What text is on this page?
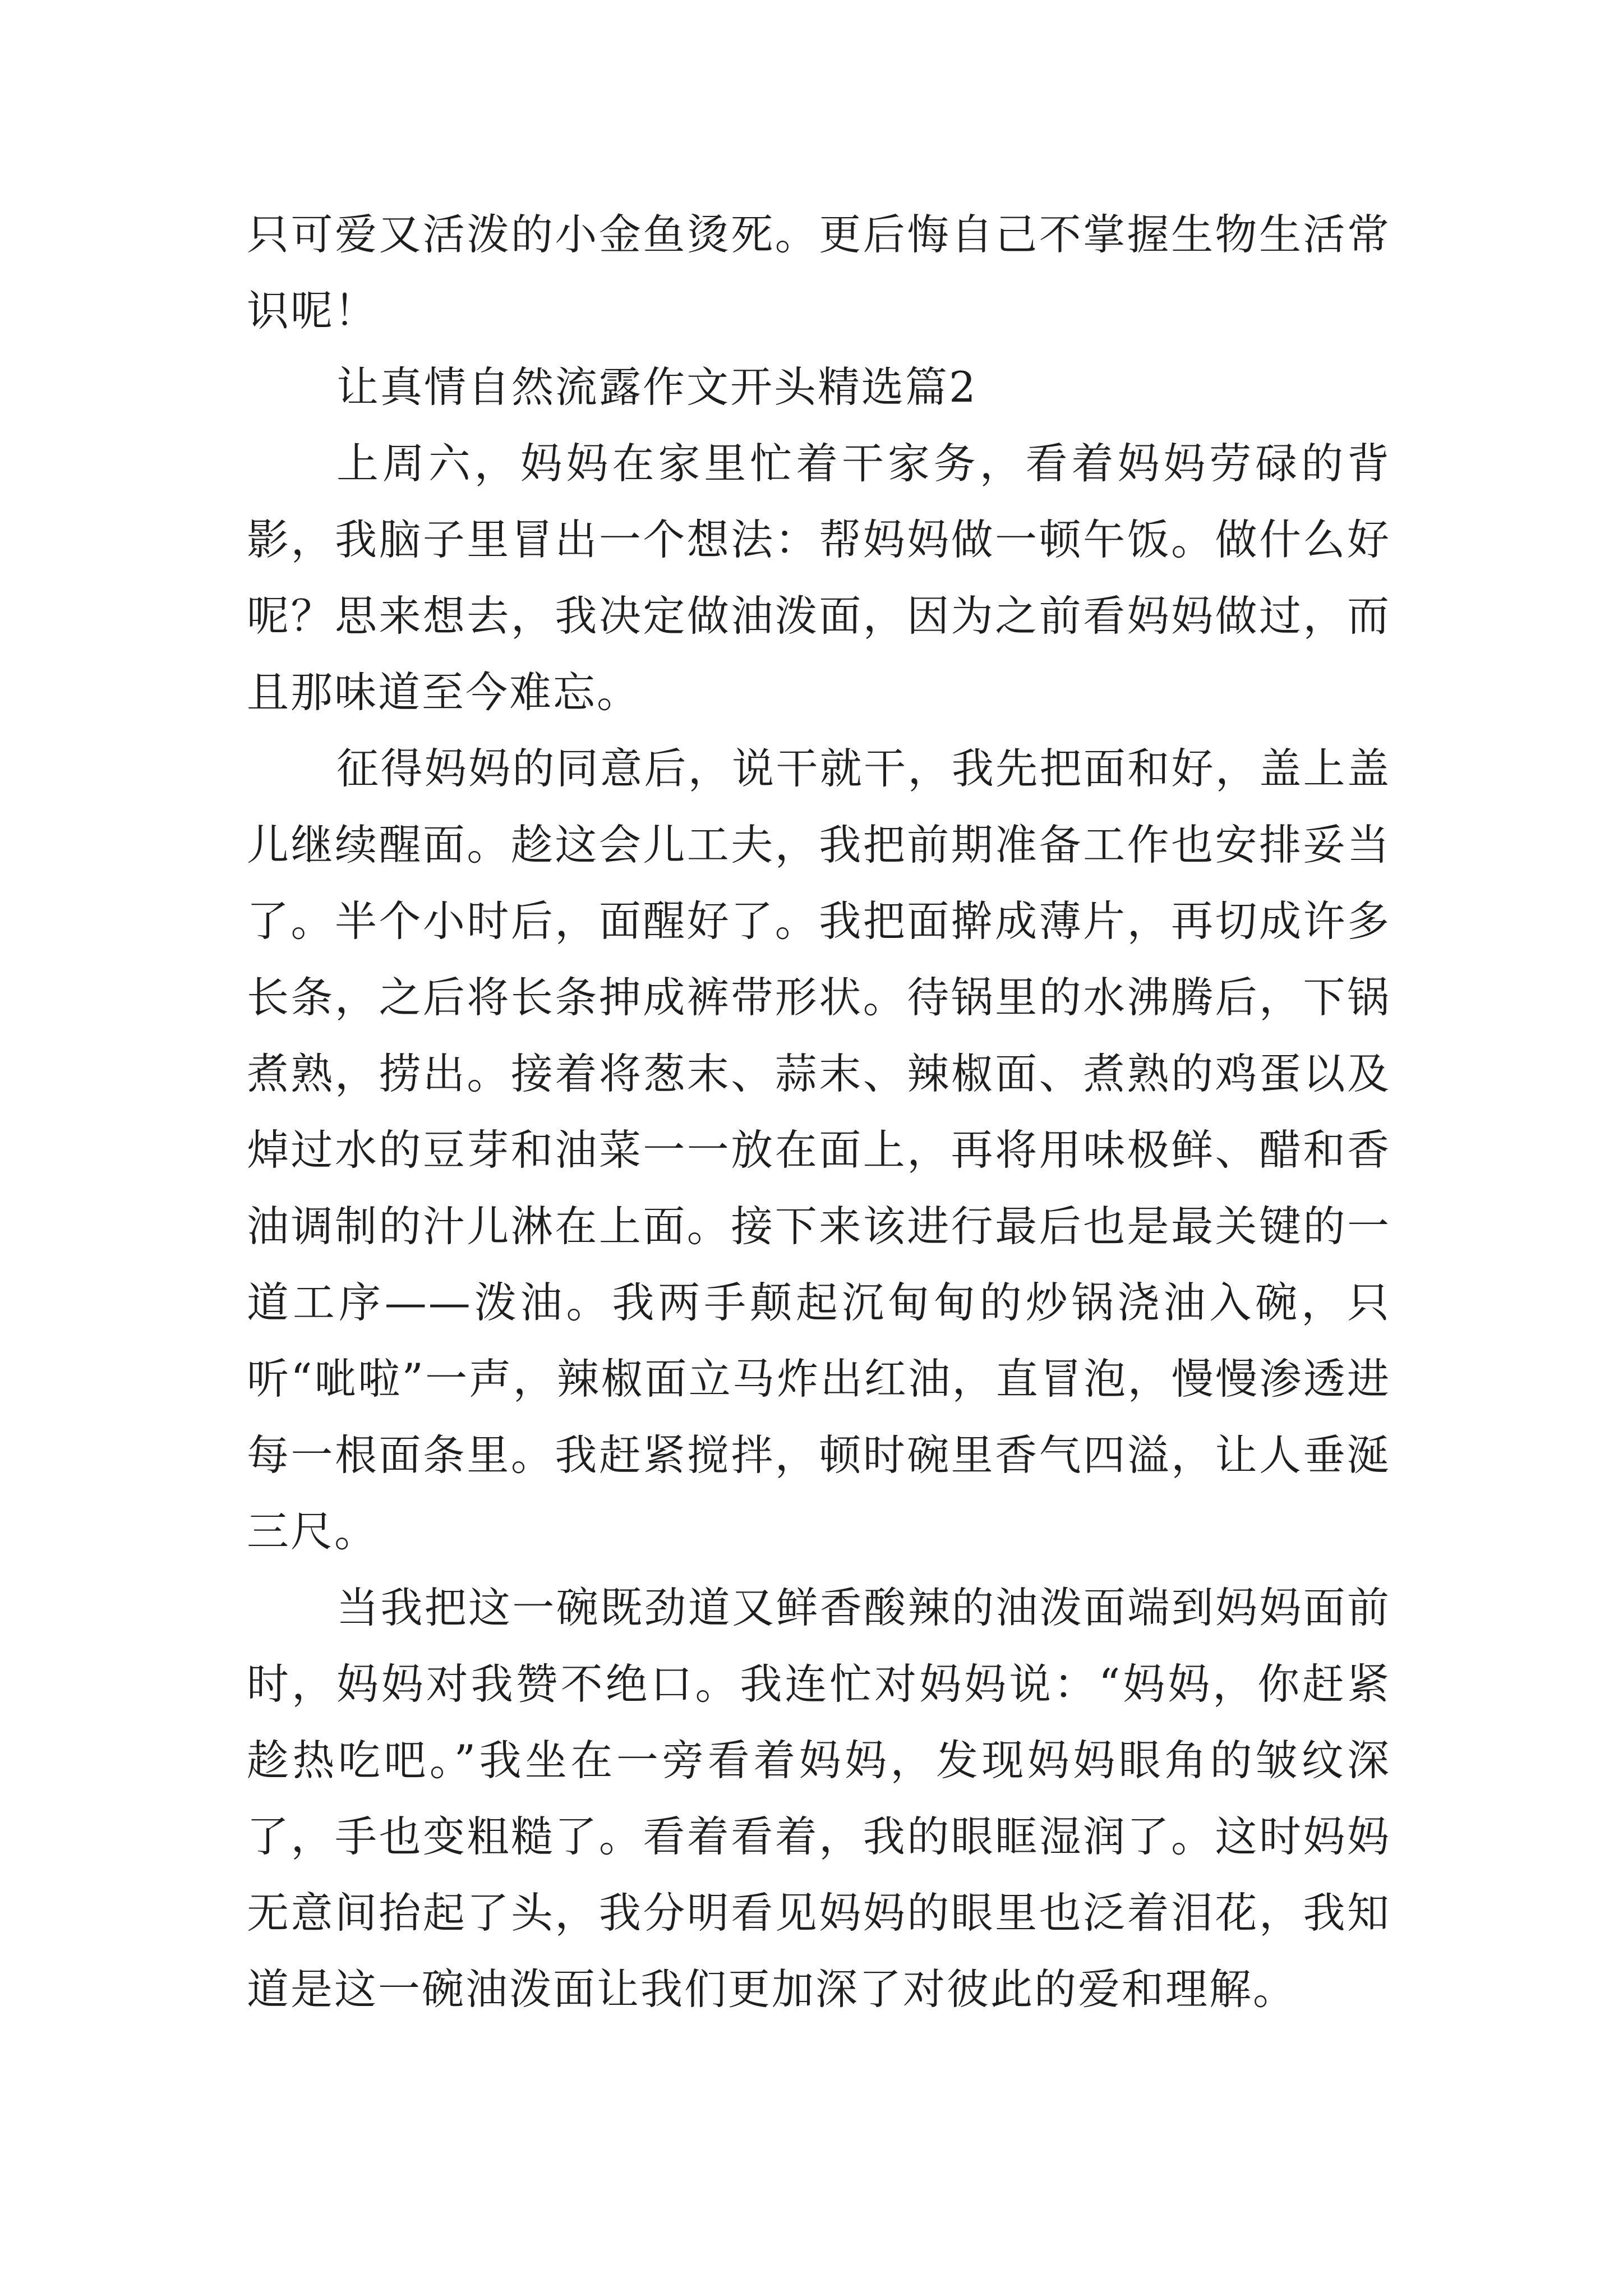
只可爱又活泼的小金鱼烫死。更后悔自己不掌握生物生活常识呢！

让真情自然流露作文开头精选篇2

上周六，妈妈在家里忙着干家务，看着妈妈劳碌的背影，我脑子里冒出一个想法：帮妈妈做一顿午饭。做什么好呢？思来想去，我决定做油泼面，因为之前看妈妈做过，而且那味道至今难忘。

征得妈妈的同意后，说干就干，我先把面和好，盖上盖儿继续醒面。趁这会儿工夫，我把前期准备工作也安排妥当了。半个小时后，面醒好了。我把面擀成薄片，再切成许多长条，之后将长条抻成裤带形状。待锅里的水沸腾后，下锅煮熟，捞出。接着将葱末、蒜末、辣椒面、煮熟的鸡蛋以及焯过水的豆芽和油菜一一放在面上，再将用味极鲜、醋和香油调制的汁儿淋在上面。接下来该进行最后也是最关键的一道工序——泼油。我两手颠起沉甸甸的炒锅浇油入碗，只听“呲啦”一声，辣椒面立马炸出红油，直冒泡，慢慢渗透进每一根面条里。我赶紧搅拌，顿时碗里香气四溢，让人垂涎三尺。

当我把这一碗既劲道又鲜香酸辣的油泼面端到妈妈面前时，妈妈对我赞不绝口。我连忙对妈妈说：“妈妈，你赶紧趁热吃吧。”我坐在一旁看着妈妈，发现妈妈眼角的皱纹深了，手也变粗糙了。看着看着，我的眼眶湿润了。这时妈妈无意间抬起了头，我分明看见妈妈的眼里也泛着泪花，我知道是这一碗油泼面让我们更加深了对彼此的爱和理解。
